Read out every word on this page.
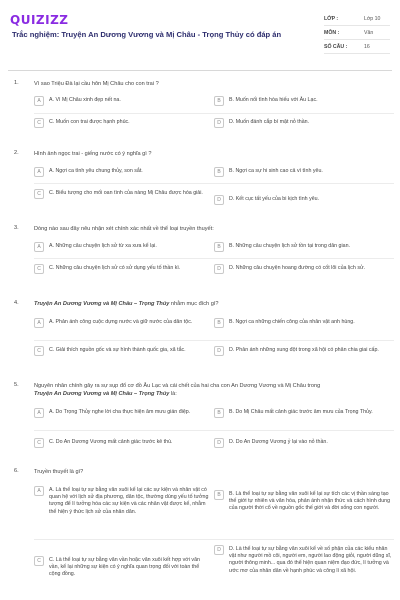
QUIZIZZ
Trắc nghiệm: Truyện An Dương Vương và Mị Châu - Trọng Thủy có đáp án
LỚP :	Lớp 10
MÔN :	Văn
SỐ CÂU :	16
1.	Vì sao Triệu Đà lại cầu hôn Mị Châu cho con trai ?
A	A. Vì Mị Châu xinh đẹp nết na.	B	B. Muốn nối tình hòa hiếu với Âu Lạc.
C	C. Muốn con trai được hạnh phúc.	D	D. Muốn đánh cắp bí mật nỏ thần.
2.	Hình ảnh ngọc trai - giếng nước có ý nghĩa gì ?
A	A. Ngợi ca tình yêu chung thủy, son sắt.	B	B. Ngợi ca sự hi sinh cao cả vì tình yêu.
C	C. Biểu tượng cho mối oan tình của nàng Mị Châu được hóa giải.
D	D. Kết cục tất yếu của bi kịch tình yêu.
3.	Dòng nào sau đây nêu nhận xét chính xác nhất về thể loại truyền thuyết:
A	A. Những câu chuyện lịch sử từ xa xưa kể lại.	B	B. Những câu chuyện lịch sử tồn tại trong dân gian.
C	C. Những câu chuyện lịch sử có sử dụng yếu tố thần kì.	D	D. Những câu chuyện hoang đường có cốt lõi của lịch sử.
4.	Truyện An Dương Vương và Mị Châu – Trọng Thủy nhằm mục đích gì?
A	A. Phản ánh công cuộc dựng nước và giữ nước của dân tộc.	B	B. Ngợi ca những chiến công của nhân vật anh hùng.
C	C. Giải thích nguồn gốc và sự hình thành quốc gia, xã tắc.	D	D. Phản ánh những xung đột trong xã hội có phân chia giai cấp.
5.	Nguyên nhân chính gây ra sự sụp đổ cơ đồ Âu Lạc và cái chết của hai cha con An Dương Vương và Mị Châu trong
Truyện An Dương Vương và Mị Châu – Trọng Thủy là:
A	A. Do Trọng Thủy nghe lời cha thực hiện âm mưu gián điệp.	B	B. Do Mị Châu mất cảnh giác trước âm mưu của Trọng Thủy.
C	C. Do An Dương Vương mất cảnh giác trước kẻ thù.	D	D. Do An Dương Vương ỷ lại vào nỏ thần.
6.	Truyền thuyết là gì?
A	A. Là thể loại tự sự bằng văn xuôi kể lại các sự kiện và nhân vật có quan hệ với lịch sử địa phương, dân tộc, thường dùng yếu tố tưởng tượng để lí tưởng hóa các sự kiện và các nhân vật được kể, nhằm thể hiện ý thức lịch sử của nhân dân.
B	B. Là thể loại tự sự bằng văn xuôi kể lại sự tích các vị thần sáng tạo thế giới tự nhiên và văn hóa, phản ánh nhận thức và cách hình dung của người thời cổ về nguồn gốc thế giới và đời sống con người.
C	C. Là thể loại tự sự bằng văn vần hoặc văn xuôi kết hợp với văn vần, kể lại những sự kiện có ý nghĩa quan trọng đối với toàn thể cộng đồng.
D	D. Là thể loại tự sự bằng văn xuôi kể về số phận của các kiểu nhân vật như người mồ côi, người em, người lao động giỏi, người dũng sĩ, người thông minh... qua đó thể hiện quan niệm đạo đức, lí tưởng và ước mơ của nhân dân về hạnh phúc và công lí xã hội.
